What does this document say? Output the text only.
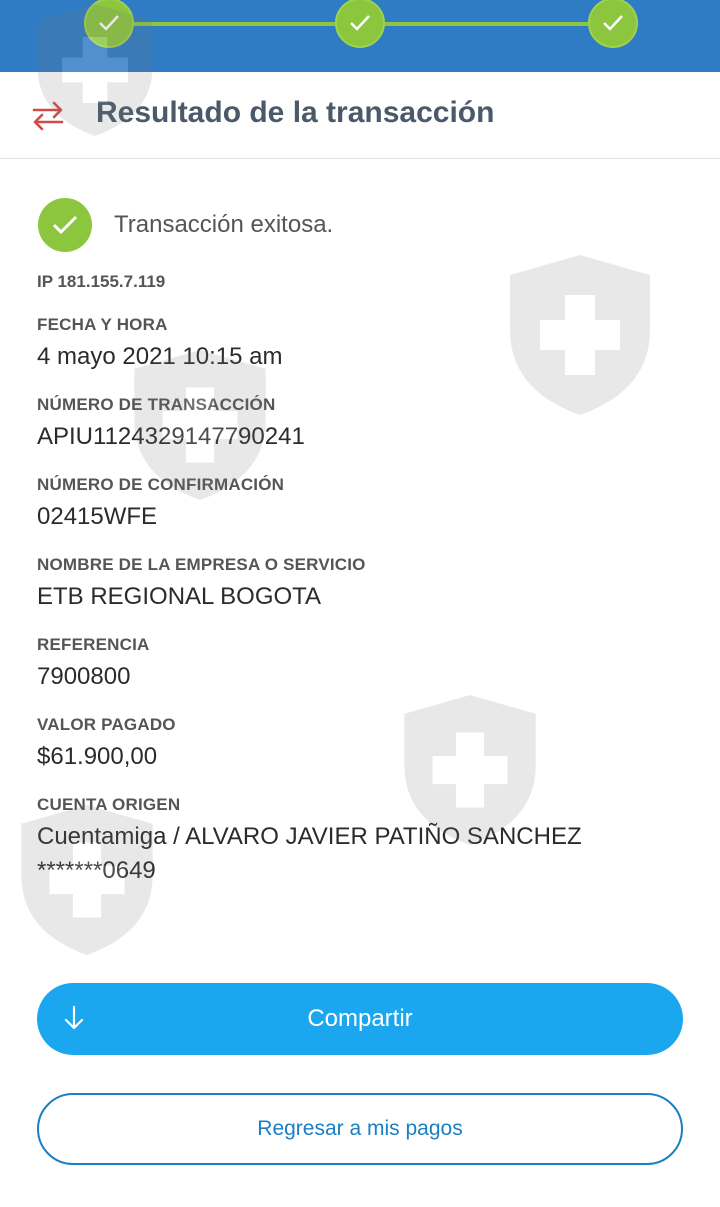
Resultado de la transacción
Transacción exitosa.
IP 181.155.7.119
FECHA Y HORA
4 mayo 2021 10:15 am
NÚMERO DE TRANSACCIÓN
APIU1124329147790241
NÚMERO DE CONFIRMACIÓN
02415WFE
NOMBRE DE LA EMPRESA O SERVICIO
ETB REGIONAL BOGOTA
REFERENCIA
7900800
VALOR PAGADO
$61.900,00
CUENTA ORIGEN
Cuentamiga / ALVARO JAVIER PATIÑO SANCHEZ
*******0649
Compartir
Regresar a mis pagos
